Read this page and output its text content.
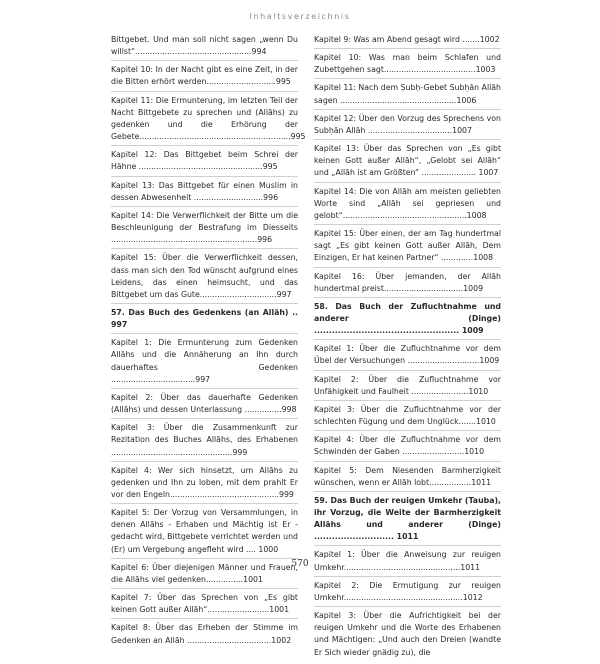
Inhaltsverzeichnis
Bittgebet. Und man soll nicht sagen „wenn Du willst“...............................................994
Kapitel 10: In der Nacht gibt es eine Zeit, in der die Bitten erhört werden............................995
Kapitel 11: Die Ermunterung, im letzten Teil der Nacht Bittgebete zu sprechen und (Allāhs) zu gedenken und die Erhörung der Gebete.............................................................995
Kapitel 12: Das Bittgebet beim Schrei der Hähne ..................................................995
Kapitel 13: Das Bittgebet für einen Muslim in dessen Abwesenheit ............................996
Kapitel 14: Die Verwerflichkeit der Bitte um die Beschleunigung der Bestrafung im Diesseits ...........................................................996
Kapitel 15: Über die Verwerflichkeit dessen, dass man sich den Tod wünscht aufgrund eines Leidens, das einen heimsucht, und das Bittgebet um das Gute...............................997
57. Das Buch des Gedenkens (an Allāh) .. 997
Kapitel 1: Die Ermunterung zum Gedenken Allāhs und die Annäherung an Ihn durch dauerhaftes Gedenken ..................................997
Kapitel 2: Über das dauerhafte Gedenken (Allāhs) und dessen Unterlassung ...............998
Kapitel 3: Über die Zusammenkunft zur Rezitation des Buches Allāhs, des Erhabenen .................................................999
Kapitel 4: Wer sich hinsetzt, um Allāhs zu gedenken und Ihn zu loben, mit dem prahlt Er vor den Engeln............................................999
Kapitel 5: Der Vorzug von Versammlungen, in denen Allāhs - Erhaben und Mächtig ist Er - gedacht wird, Bittgebete verrichtet werden und (Er) um Vergebung angefleht wird .... 1000
Kapitel 6: Über diejenigen Männer und Frauen, die Allāhs viel gedenken...............1001
Kapitel 7: Über das Sprechen von „Es gibt keinen Gott außer Allāh“.........................1001
Kapitel 8: Über das Erheben der Stimme im Gedenken an Allāh ..................................1002
Kapitel 9: Was am Abend gesagt wird .......1002
Kapitel 10: Was man beim Schlafen und Zubettgehen sagt.....................................1003
Kapitel 11: Nach dem Ṣubḥ-Gebet Subḥān Allāh sagen ...............................................1006
Kapitel 12: Über den Vorzug des Sprechens von Subḥān Allāh ..................................1007
Kapitel 13: Über das Sprechen von „Es gibt keinen Gott außer Allāh“, „Gelobt sei Allāh“ und „Allāh ist am Größten“ ...................... 1007
Kapitel 14: Die von Allāh am meisten geliebten Worte sind „Allāh sei gepriesen und gelobt“..................................................1008
Kapitel 15: Über einen, der am Tag hundertmal sagt „Es gibt keinen Gott außer Allāh, Dem Einzigen, Er hat keinen Partner“ .............1008
Kapitel 16: Über jemanden, der Allāh hundertmal preist................................1009
58. Das Buch der Zufluchtnahme und anderer (Dinge) ................................................. 1009
Kapitel 1: Über die Zufluchtnahme vor dem Übel der Versuchungen .............................1009
Kapitel 2: Über die Zufluchtnahme vor Unfähigkeit und Faulheit .......................1010
Kapitel 3: Über die Zufluchtnahme vor der schlechten Fügung und dem Unglück.......1010
Kapitel 4: Über die Zufluchtnahme vor dem Schwinden der Gaben .........................1010
Kapitel 5: Dem Niesenden Barmherzigkeit wünschen, wenn er Allāh lobt.................1011
59. Das Buch der reuigen Umkehr (Tauba), ihr Vorzug, die Weite der Barmherzigkeit Allāhs und anderer (Dinge) ........................... 1011
Kapitel 1: Über die Anweisung zur reuigen Umkehr...............................................1011
Kapitel 2: Die Ermutigung zur reuigen Umkehr................................................1012
Kapitel 3: Über die Aufrichtigkeit bei der reuigen Umkehr und die Worte des Erhabenen und Mächtigen: „Und auch den Dreien (wandte Er Sich wieder gnädig zu), die
570
